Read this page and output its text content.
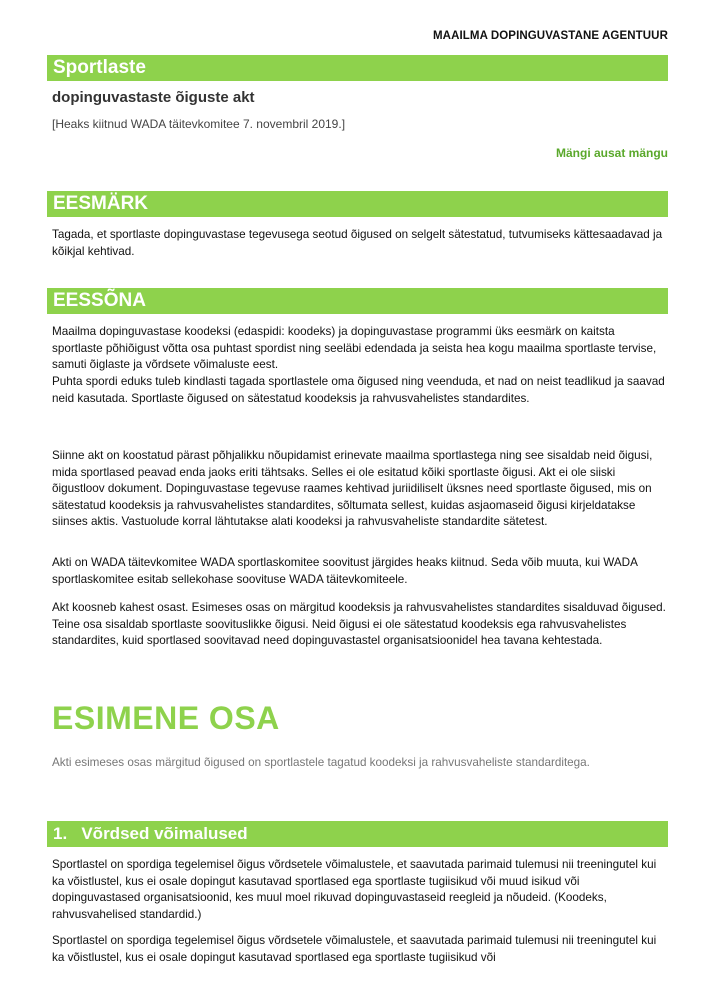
MAAILMA DOPINGUVASTANE AGENTUUR
Sportlaste
dopinguvastaste õiguste akt
[Heaks kiitnud WADA täitevkomitee 7. novembril 2019.]
Mängi ausat mängu
EESMÄRK

Tagada, et sportlaste dopinguvastase tegevusega seotud õigused on selgelt sätestatud, tutvumiseks kättesaadavad ja kõikjal kehtivad.

EESSÕNA

Maailma dopinguvastase koodeksi (edaspidi: koodeks) ja dopinguvastase programmi üks eesmärk on kaitsta sportlaste põhiõigust võtta osa puhtast spordist ning seeläbi edendada ja seista hea kogu maailma sportlaste tervise, samuti õiglaste ja võrdsete võimaluste eest.

Puhta spordi eduks tuleb kindlasti tagada sportlastele oma õigused ning veenduda, et nad on neist teadlikud ja saavad neid kasutada. Sportlaste õigused on sätestatud koodeksis ja rahvusvahelistes standardites.

Siinne akt on koostatud pärast põhjalikku nõupidamist erinevate maailma sportlastega ning see sisaldab neid õigusi, mida sportlased peavad enda jaoks eriti tähtsaks. Selles ei ole esitatud kõiki sportlaste õigusi. Akt ei ole siiski õigustloov dokument. Dopinguvastase tegevuse raames kehtivad juriidiliselt üksnes need sportlaste õigused, mis on sätestatud koodeksis ja rahvusvahelistes standardites, sõltumata sellest, kuidas asjaomaseid õigusi kirjeldatakse siinses aktis. Vastuolude korral lähtutakse alati koodeksi ja rahvusvaheliste standardite sätetest.

Akti on WADA täitevkomitee WADA sportlaskomitee soovitust järgides heaks kiitnud. Seda võib muuta, kui WADA sportlaskomitee esitab sellekohase soovituse WADA täitevkomiteele.

Akt koosneb kahest osast. Esimeses osas on märgitud koodeksis ja rahvusvahelistes standardites sisalduvad õigused. Teine osa sisaldab sportlaste soovituslikke õigusi. Neid õigusi ei ole sätestatud koodeksis ega rahvusvahelistes standardites, kuid sportlased soovitavad need dopinguvastastel organisatsioonidel hea tavana kehtestada.

ESIMENE OSA
Akti esimeses osas märgitud õigused on sportlastele tagatud koodeksi ja rahvusvaheliste standarditega.
1.   Võrdsed võimalused

Sportlastel on spordiga tegelemisel õigus võrdsetele võimalustele, et saavutada parimaid tulemusi nii treeningutel kui ka võistlustel, kus ei osale dopingut kasutavad sportlased ega sportlaste tugiisikud või muud isikud või dopinguvastased organisatsioonid, kes muul moel rikuvad dopinguvastaseid reegleid ja nõudeid. (Koodeks, rahvusvahelised standardid.)

Sportlastel on spordiga tegelemisel õigus võrdsetele võimalustele, et saavutada parimaid tulemusi nii treeningutel kui ka võistlustel, kus ei osale dopingut kasutavad sportlased ega sportlaste tugiisikud või
